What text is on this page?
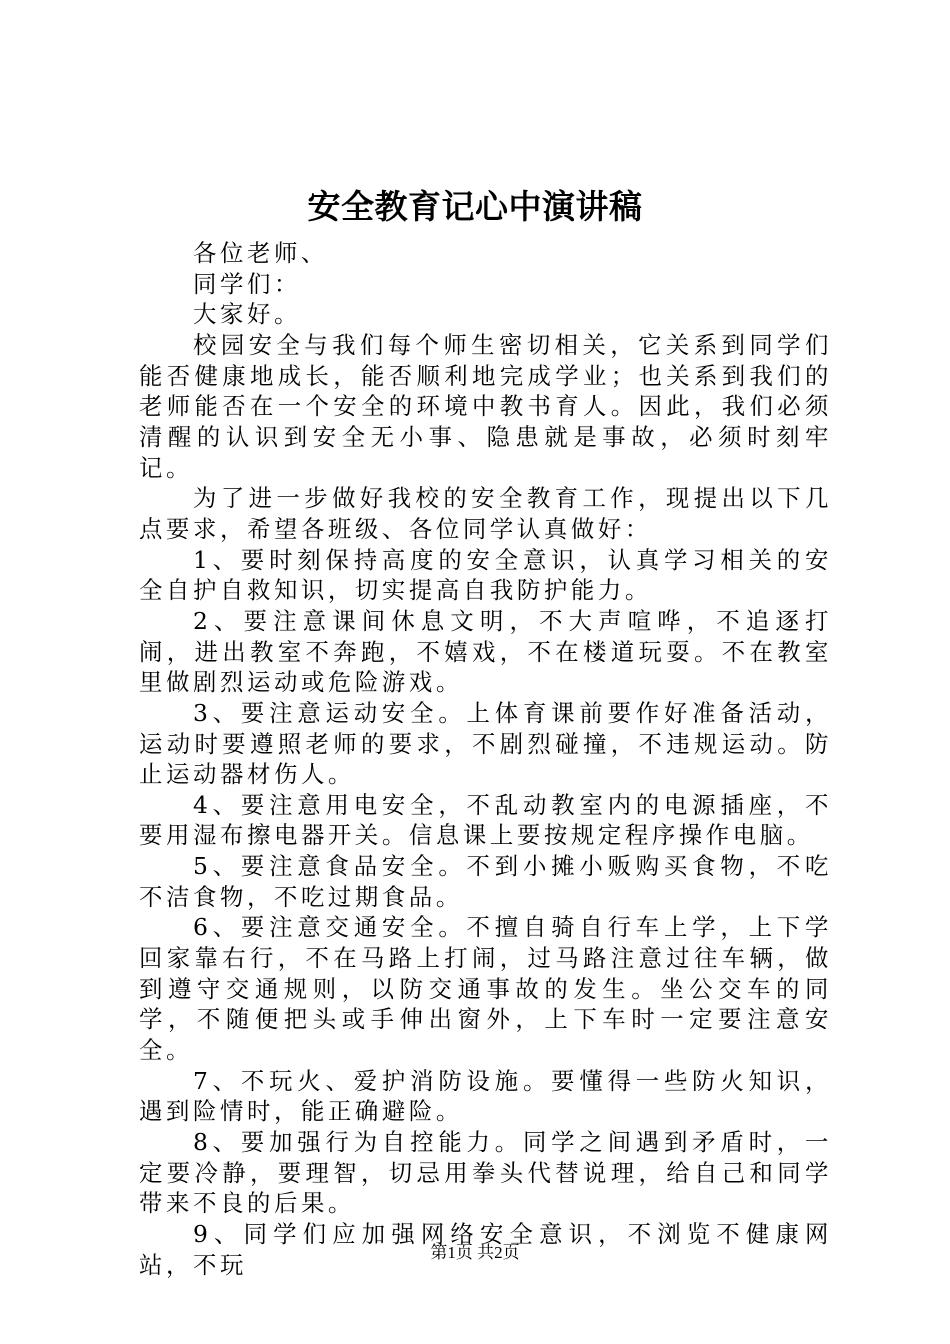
安全教育记心中演讲稿

各位老师、

同学们：

大家好。

校园安全与我们每个师生密切相关，它关系到同学们能否健康地成长，能否顺利地完成学业；也关系到我们的老师能否在一个安全的环境中教书育人。因此，我们必须清醒的认识到安全无小事、隐患就是事故，必须时刻牢记。

为了进一步做好我校的安全教育工作，现提出以下几点要求，希望各班级、各位同学认真做好：

1、要时刻保持高度的安全意识，认真学习相关的安全自护自救知识，切实提高自我防护能力。

2、要注意课间休息文明，不大声喧哗，不追逐打闹，进出教室不奔跑，不嬉戏，不在楼道玩耍。不在教室里做剧烈运动或危险游戏。

3、要注意运动安全。上体育课前要作好准备活动，运动时要遵照老师的要求，不剧烈碰撞，不违规运动。防止运动器材伤人。

4、要注意用电安全，不乱动教室内的电源插座，不要用湿布擦电器开关。信息课上要按规定程序操作电脑。

5、要注意食品安全。不到小摊小贩购买食物，不吃不洁食物，不吃过期食品。

6、要注意交通安全。不擅自骑自行车上学，上下学回家靠右行，不在马路上打闹，过马路注意过往车辆，做到遵守交通规则，以防交通事故的发生。坐公交车的同学，不随便把头或手伸出窗外，上下车时一定要注意安全。

7、不玩火、爱护消防设施。要懂得一些防火知识，遇到险情时，能正确避险。

8、要加强行为自控能力。同学之间遇到矛盾时，一定要冷静，要理智，切忌用拳头代替说理，给自己和同学带来不良的后果。

9、同学们应加强网络安全意识，不浏览不健康网站，不玩	第1页 共2页
